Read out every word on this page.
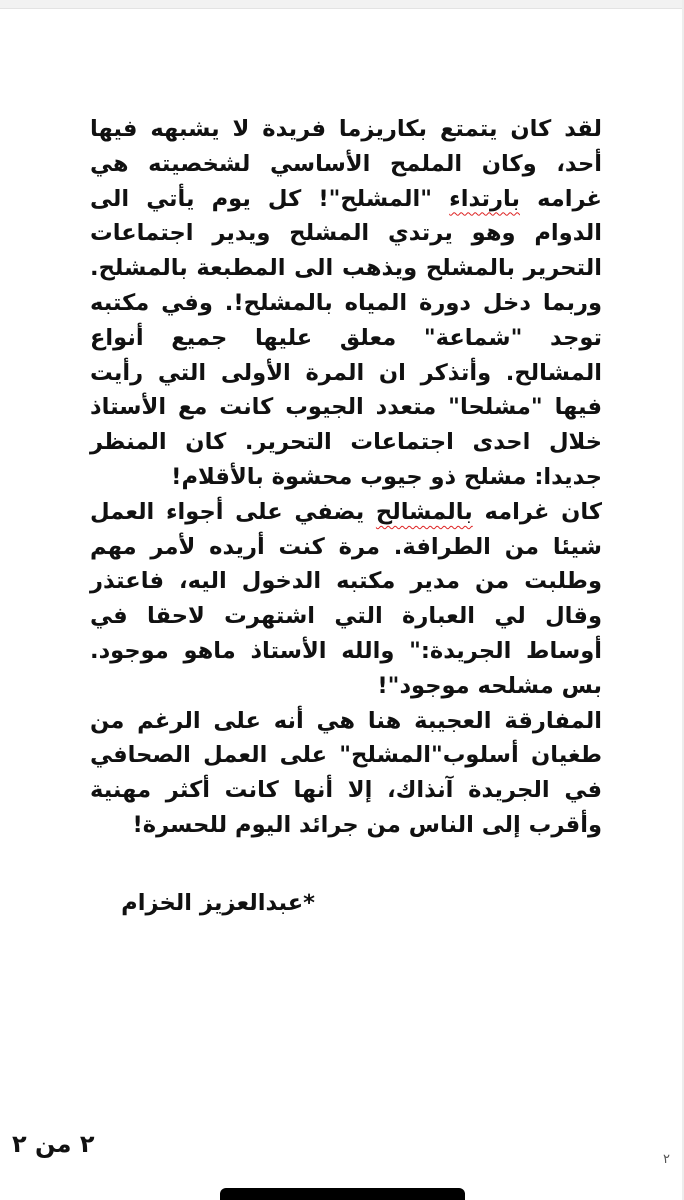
لقد كان يتمتع بكاريزما فريدة لا يشبهه فيها أحد، وكان الملمح الأساسي لشخصيته هي غرامه بارتداء "المشلح"! كل يوم يأتي الى الدوام وهو يرتدي المشلح ويدير اجتماعات التحرير بالمشلح ويذهب الى المطبعة بالمشلح. وربما دخل دورة المياه بالمشلح!. وفي مكتبه توجد "شماعة" معلق عليها جميع أنواع المشالح. وأتذكر ان المرة الأولى التي رأيت فيها "مشلحا" متعدد الجيوب كانت مع الأستاذ خلال احدى اجتماعات التحرير. كان المنظر جديدا: مشلح ذو جيوب محشوة بالأقلام!

كان غرامه بالمشالح يضفي على أجواء العمل شيئا من الطرافة. مرة كنت أريده لأمر مهم وطلبت من مدير مكتبه الدخول اليه، فاعتذر وقال لي العبارة التي اشتهرت لاحقا في أوساط الجريدة:" والله الأستاذ ماهو موجود. بس مشلحه موجود"!

المفارقة العجيبة هنا هي أنه على الرغم من طغيان أسلوب"المشلح" على العمل الصحافي في الجريدة آنذاك، إلا أنها كانت أكثر مهنية وأقرب إلى الناس من جرائد اليوم للحسرة!

*عبدالعزيز الخزام
٢ من ٢
٢
